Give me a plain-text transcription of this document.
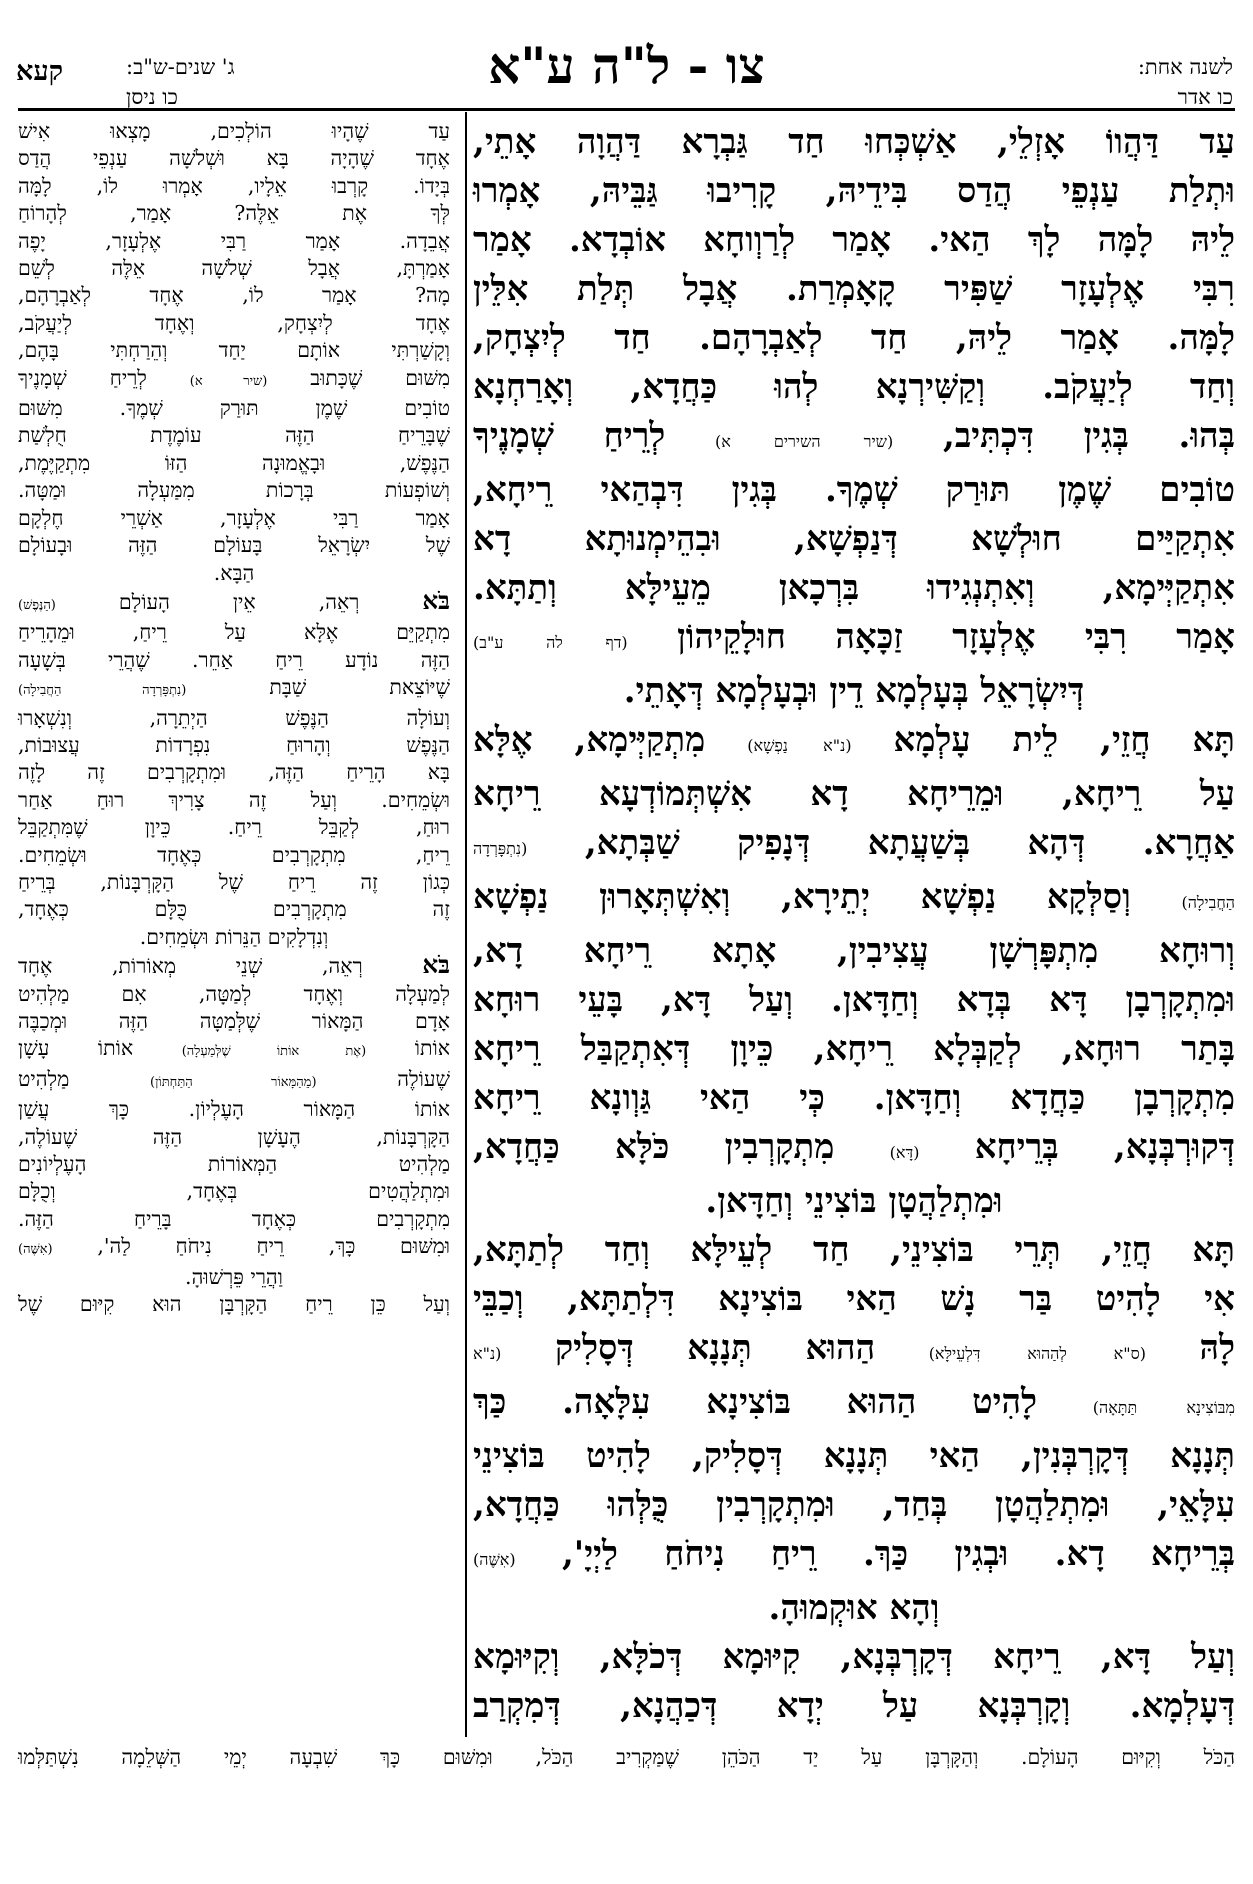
לשנה אחת:
כו אדר
צו - ל"ה ע"א
ג' שנים-ש"ב:
כו ניסן
קעא

עַד דַּהֲווֹ אָזְלֵי, אַשְׁכְּחוּ חַד גַּבְרָא דַּהֲוָה אָתֵי,

וּתְלַת עַנְפֵי הֲדַס בִּידֵיהּ, קָרִיבוּ גַּבֵּיהּ, אָמְרוּ

לֵיהּ לָמָּה לָךְ הַאי. אָמַר לְרַוְוחָא אוֹבְדָא. אָמַר

רִבִּי אֶלְעָזָר שַׁפִּיר קָאָמְרַת. אֲבָל תְּלַת אִלֵּין

לָמָּה. אָמַר לֵיהּ, חַד לְאַבְרָהָם. חַד לְיִצְחָק,

וְחַד לְיַעֲקֹב. וְקַשִּׁירְנָא לְהוּ כַּחֲדָא, וְאָרַחְנָא

בְּהוּ. בְּגִין דִּכְתִּיב, (שיר השירים א) לְרֵיחַ שְׁמָנֶיךָ

טוֹבִים שֶׁמֶן תּוּרַק שְׁמֶךָ. בְּגִין דִּבְהַאי רֵיחָא,

אִתְקַיַּים חוּלְשָׁא דְּנַפְשָׁא, וּבִהֵימְנוּתָא דָא

אִתְקַיְּימָא, וְאִתְנְגִידוּ בִּרְכָאן מֵעֵילָּא וְתַתָּא.

אָמַר רִבִּי אֶלְעָזָר זַכָּאָה חוּלָקֵיהוֹן (דף לה ע"ב)

דְּיִשְׂרָאֵל בְּעָלְמָא דֵין וּבְעָלְמָא דְּאָתֵי.

תָּא חֲזֵי, לֵית עָלְמָא (נ"א נַפְשָׁא) מִתְקַיְּימָא, אֶלָּא

עַל רֵיחָא, וּמֵרֵיחָא דָא אִשְׁתְּמוֹדְעָא רֵיחָא

אַחֲרָא. דְּהָא בְּשַׁעֲתָא דְּנָפִיק שַׁבְּתָא, (נִתְפָּרְדָה

הַחֲבִילָה) וְסַלְּקָא נַפְשָׁא יְתֵירָא, וְאִשְׁתְּאָרוּן נַפְשָׁא

וְרוּחָא מִתְפָּרְשָׁן עֲצִיבִין, אָתָא רֵיחָא דָא,

וּמִתְקָרְבָן דָּא בְּדָא וְחַדָּאן. וְעַל דָּא, בָּעֵי רוּחָא

בָּתַר רוּחָא, לְקַבְּלָא רֵיחָא, כֵּיוָן דְּאִתְקַבַּל רֵיחָא

מִתְקָרְבָן כַּחֲדָא וְחַדָּאן. כְּי הַאי גַּוְונָא רֵיחָא

דְּקוּרְבְּנָא, בְּרֵיחָא (דָּא) מִתְקָרְבִין כֹּלָּא כַּחֲדָא,

וּמִתְלַהֲטָן בּוֹצִינֵי וְחַדָּאן.

תָּא חֲזֵי, תְּרֵי בּוֹצִינֵי, חַד לְעֵילָּא וְחַד לְתַתָּא,

אִי לָהִיט בַּר נָשׁ הַאי בּוֹצִינָא דִּלְתַתָּא, וְכַבֵּי

לָהּ (ס"א לְהַהוּא דִּלְעֵילָּא) הַהוּא תְּנָנָא דְּסָלִיק (נ"א

מִבּוֹצִינָא תַּתָּאָה) לָהִיט הַהוּא בּוֹצִינָא עִלָּאָה. כַּךְ

תְּנָנָא דְּקָרְבְּנִין, הַאי תְּנָנָא דְּסָלִיק, לָהִיט בּוֹצִינֵי

עִלָּאֵי, וּמִתְלַהֲטָן בְּחַד, וּמִתְקָרְבִין כֻּלְּהוּ כַּחֲדָא,

בְּרֵיחָא דָא. וּבְגִין כַּךְ. רֵיחַ נִיחֹחַ לַיְיָ', (אִשֶּׁה)

וְהָא אוּקְמוּהָ.

וְעַל דָּא, רֵיחָא דְּקָרְבְּנָא, קִיּוּמָא דְּכֹלָּא, וְקִיּוּמָא

דְּעָלְמָא. וְקָרְבְּנָא עַל יְדָא דְּכַהֲנָא, דְּמִקְרַב

עַד שֶׁהָיוּ הוֹלְכִים, מָצְאוּ אִישׁ

אֶחָד שֶׁהָיָה בָּא וּשְׁלֹשָׁה עַנְפֵי הֲדַס

בְּיָדוֹ. קָרְבוּ אֵלָיו, אָמְרוּ לוֹ, לָמָּה

לְּךָ אֶת אֵלֶּה? אָמַר, לְהָרוֹחַ

אֲבֵדָה. אָמַר רַבִּי אֶלְעָזָר, יָפֶה

אָמַרְתָּ, אֲבָל שְׁלֹשָׁה אֵלֶּה לְשֵׁם

מָה? אָמַר לוֹ, אֶחָד לְאַבְרָהָם,

אֶחָד לְיִצְחָק, וְאֶחָד לְיַעֲקֹב,

וְקָשַׁרְתִּי אוֹתָם יַחַד וְהֵרַחְתִּי בָּהֶם,

מִשּׁוּם שֶׁכָּתוּב (שיר א) לְרֵיחַ שְׁמָנֶיךָ

טוֹבִים שֶׁמֶן תּוּרַק שְׁמֶךָ. מִשּׁוּם

שֶׁבָּרֵיחַ הַזֶּה עוֹמֶדֶת חֻלְשַׁת

הַנֶּפֶשׁ, וּבָאֱמוּנָה הַזּוֹ מִתְקַיֶּמֶת,

וְשׁוֹפְעוֹת בְּרָכוֹת מִמַּעְלָה וּמַטָּה.

אָמַר רַבִּי אֶלְעָזָר, אַשְׁרֵי חֶלְקָם

שֶׁל יִשְׂרָאֵל בָּעוֹלָם הַזֶּה וּבָעוֹלָם

הַבָּא.

בֹּא רְאֵה, אֵין הָעוֹלָם (הַנֶּפֶשׁ)

מִתְקַיֵּם אֶלָּא עַל רֵיחַ, וּמֵהָרֵיחַ

הַזֶּה נוֹדָע רֵיחַ אַחֵר. שֶׁהֲרֵי בְּשָׁעָה

שֶׁיּוֹצֵאת שַׁבָּת (נִתְפָּרְדָה הַחֲבִילָה)

וְעוֹלָה הַנֶּפֶשׁ הַיְתֵרָה, וְנִשְׁאָרוּ

הַנֶּפֶשׁ וְהָרוּחַ נִפְרָדוֹת עֲצוּבוֹת,

בָּא הָרֵיחַ הַזֶּה, וּמִתְקָרְבִים זֶה לָזֶה

וּשְׂמֵחִים. וְעַל זֶה צָרִיךְ רוּחַ אַחַר

רוּחַ, לְקַבֵּל רֵיחַ. כֵּיוָן שֶׁמִּתְקַבֵּל

רֵיחַ, מִתְקָרְבִים כְּאֶחָד וּשְׂמֵחִים.

כְּגוֹן זֶה רֵיחַ שֶׁל הַקָּרְבָּנוֹת, בְּרֵיחַ

זֶה מִתְקָרְבִים כֻּלָּם כְּאֶחָד,

וְנִדְלָקִים הַנֵּרוֹת וּשְׂמֵחִים.

בֹּא רְאֵה, שְׁנֵי מְאוֹרוֹת, אֶחָד

לְמַעְלָה וְאֶחָד לְמַטָּה, אִם מַלְהִיט

אָדָם הַמָּאוֹר שֶׁלְּמַטָּה הַזֶּה וּמְכַבֶּה

אוֹתוֹ (אֶת אוֹתוֹ שֶׁלְּמַעְלָה) אוֹתוֹ עָשָׁן

שֶׁעוֹלֶה (מֵהַמָּאוֹר הַתַּחְתּוֹן) מַלְהִיט

אוֹתוֹ הַמָּאוֹר הָעֶלְיוֹן. כָּךְ עֲשַׁן

הַקָּרְבָּנוֹת, הֶעָשָׁן הַזֶּה שֶׁעוֹלֶה,

מַלְהִיט הַמְּאוֹרוֹת הָעֶלְיוֹנִים

וּמִתְלַהֲטִים בְּאֶחָד, וְכֻלָּם

מִתְקָרְבִים כְּאֶחָד בָּרֵיחַ הַזֶּה.

וּמִשּׁוּם כָּךְ, רֵיחַ נִיחֹחַ לַה', (אִשֶּׁה)

וַהֲרֵי פֵּרְשׁוּהָ.

וְעַל כֵּן רֵיחַ הַקָּרְבָּן הוּא קִיּוּם שֶׁל

הַכֹּל וְקִיּוּם הָעוֹלָם. וְהַקָּרְבָּן עַל יַד הַכֹּהֵן שֶׁמַּקְרִיב הַכֹּל, וּמִשּׁוּם כָּךְ שִׁבְעָה יְמֵי הַשְּׁלֵמָה נִשְׁתַּלְּמוּ
